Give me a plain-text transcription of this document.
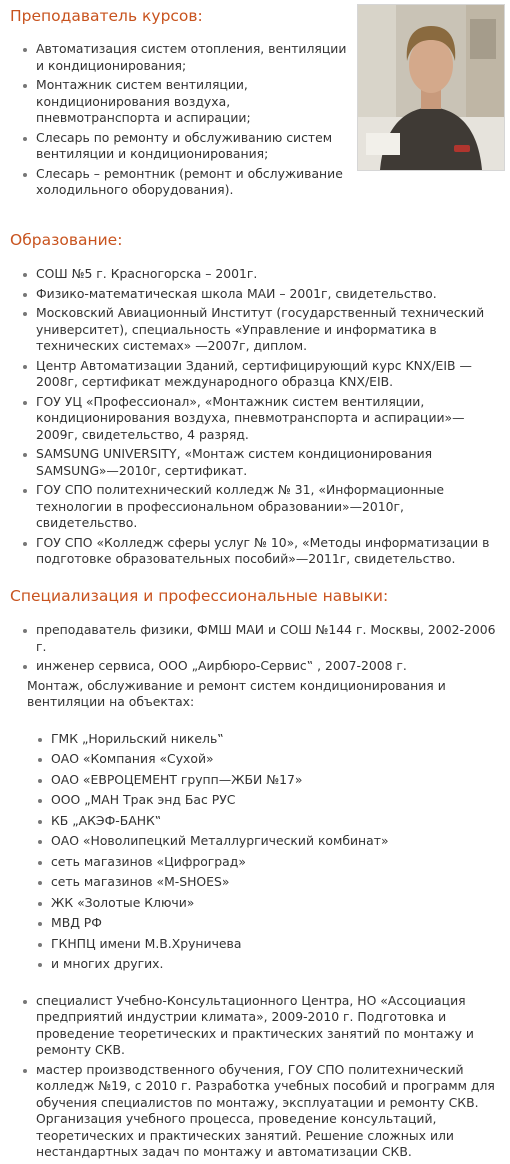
Преподаватель курсов:
Автоматизация систем отопления, вентиляции и кондиционирования;
Монтажник систем вентиляции, кондиционирования воздуха, пневмотранспорта и аспирации;
Слесарь по ремонту и обслуживанию систем вентиляции и кондиционирования;
Слесарь – ремонтник (ремонт и обслуживание холодильного оборудования).
Образование:
СОШ №5 г. Красногорска – 2001г.
Физико-математическая школа МАИ – 2001г, свидетельство.
Московский Авиационный Институт (государственный технический университет), специальность «Управление и информатика в технических системах» —2007г, диплом.
Центр Автоматизации Зданий, сертифицирующий курс KNX/EIB —2008г, сертификат международного образца KNX/EIB.
ГОУ УЦ «Профессионал», «Монтажник систем вентиляции, кондиционирования воздуха, пневмотранспорта и аспирации»—2009г, свидетельство, 4 разряд.
SAMSUNG UNIVERSITY, «Монтаж систем кондиционирования SAMSUNG»—2010г, сертификат.
ГОУ СПО политехнический колледж № 31, «Информационные технологии в профессиональном образовании»—2010г, свидетельство.
ГОУ СПО «Колледж сферы услуг № 10», «Методы информатизации в подготовке образовательных пособий»—2011г, свидетельство.
Специализация и профессиональные навыки:
преподаватель физики, ФМШ МАИ и СОШ №144 г. Москвы, 2002-2006 г.
инженер сервиса, ООО „Аирбюро-Сервис‟ , 2007-2008 г.

Монтаж, обслуживание и ремонт систем кондиционирования и вентиляции на объектах:

ГМК „Норильский никель‟
ОАО «Компания «Сухой»
ОАО «ЕВРОЦЕМЕНТ групп—ЖБИ №17»
ООО „МАН Трак энд Бас РУС
КБ „АКЭФ-БАНК‟
ОАО «Новолипецкий Металлургический комбинат»
сеть магазинов «Цифроград»
сеть магазинов «M-SHOES»
ЖК «Золотые Ключи»
МВД РФ
ГКНПЦ имени М.В.Хруничева
и многих других.
специалист Учебно-Консультационного Центра, НО «Ассоциация предприятий индустрии климата», 2009-2010 г. Подготовка и проведение теоретических и практических занятий по монтажу и ремонту СКВ.
мастер производственного обучения, ГОУ СПО политехнический колледж №19, с 2010 г. Разработка учебных пособий и программ для обучения специалистов по монтажу, эксплуатации и ремонту СКВ. Организация учебного процесса, проведение консультаций, теоретических и практических занятий. Решение сложных или нестандартных задач по монтажу и автоматизации СКВ.
